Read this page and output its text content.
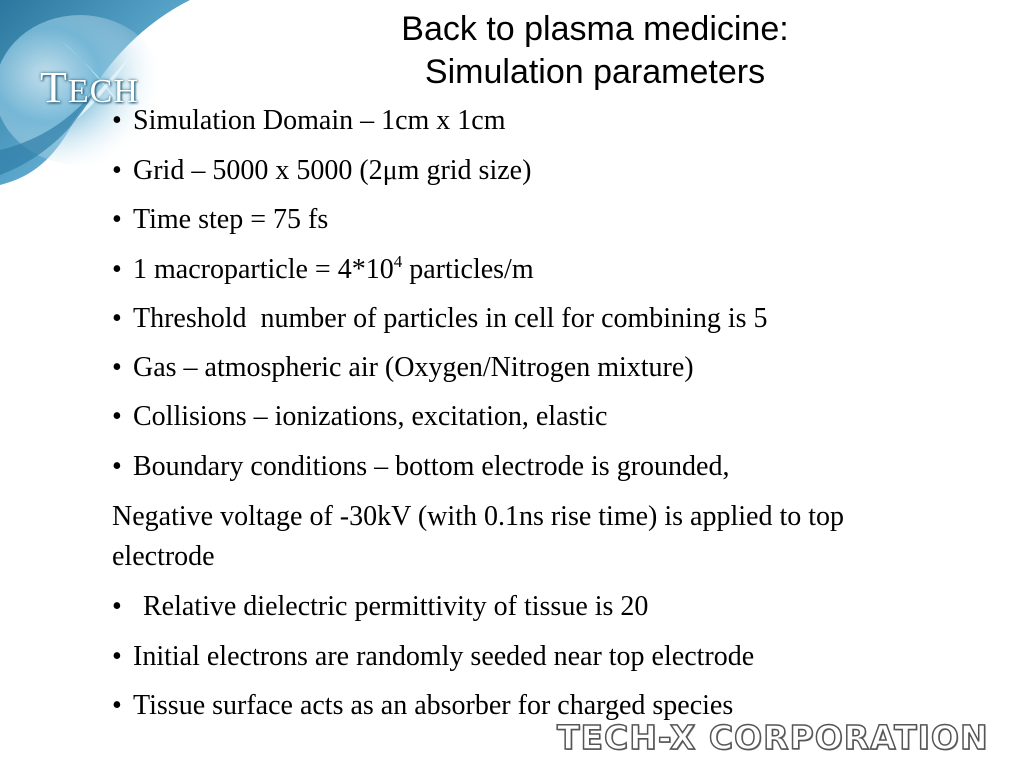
TECH
Back to plasma medicine:
Simulation parameters
• Simulation Domain – 1cm x 1cm
• Grid – 5000 x 5000 (2μm grid size)
• Time step = 75 fs
• 1 macroparticle = $4*10^4$ particles/m
• Threshold  number of particles in cell for combining is 5
• Gas – atmospheric air (Oxygen/Nitrogen mixture)
• Collisions – ionizations, excitation, elastic
• Boundary conditions – bottom electrode is grounded,
Negative voltage of -30kV (with 0.1ns rise time) is applied to top
electrode
• Relative dielectric permittivity of tissue is 20
• Initial electrons are randomly seeded near top electrode
• Tissue surface acts as an absorber for charged species
TECH-X CORPORATION
